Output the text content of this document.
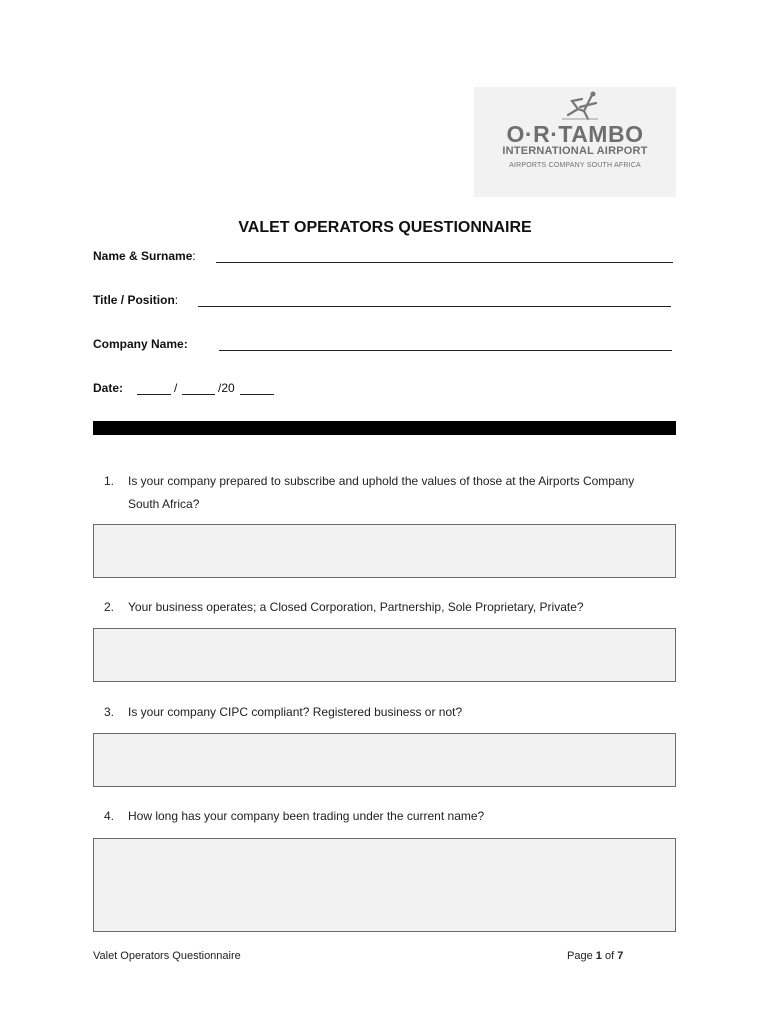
O·R·TAMBO
INTERNATIONAL AIRPORT
AIRPORTS COMPANY SOUTH AFRICA
VALET OPERATORS QUESTIONNAIRE
Name & Surname:
Title / Position:
Company Name:
Date:	/	/20
1. Is your company prepared to subscribe and uphold the values of those at the Airports Company South Africa?
2. Your business operates; a Closed Corporation, Partnership, Sole Proprietary, Private?
3. Is your company CIPC compliant? Registered business or not?
4. How long has your company been trading under the current name?
Valet Operators Questionnaire	Page 1 of 7
